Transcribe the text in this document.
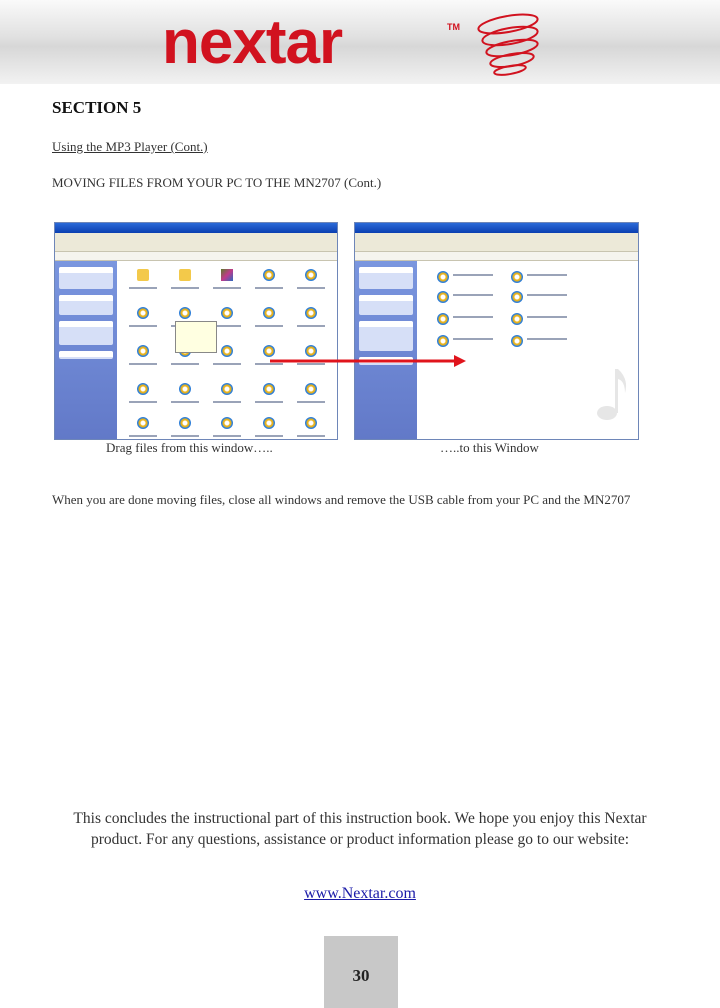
nextar	TM
SECTION 5
Using the MP3 Player (Cont.)
MOVING FILES FROM YOUR PC TO THE MN2707 (Cont.)
Drag files from this window…..	…..to this Window
When you are done moving files, close all windows and remove the USB cable from your PC and the MN2707
This concludes the instructional part of this instruction book. We hope you enjoy this Nextar product. For any questions, assistance or product information please go to our website:
www.Nextar.com
30
